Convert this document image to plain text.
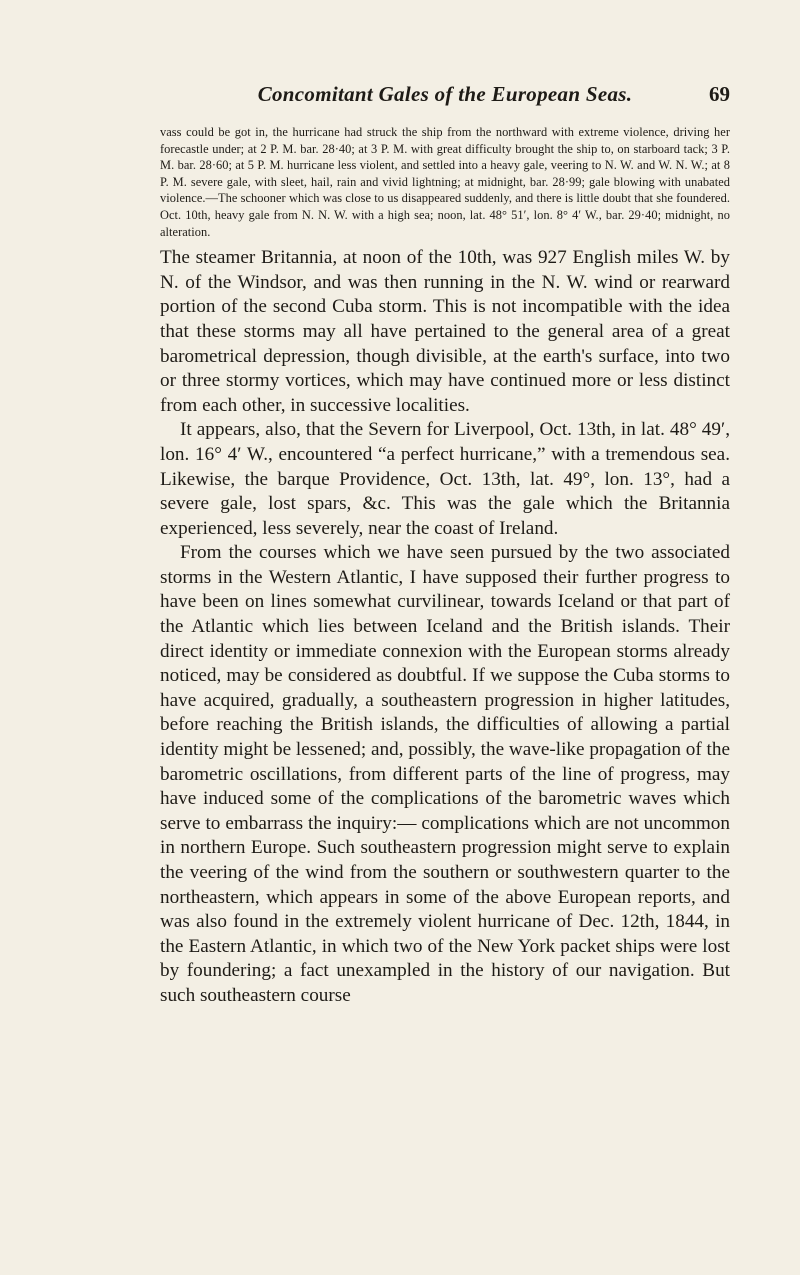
Concomitant Gales of the European Seas.	69

vass could be got in, the hurricane had struck the ship from the northward with extreme violence, driving her forecastle under; at 2 P. M. bar. 28·40; at 3 P. M. with great difficulty brought the ship to, on starboard tack; 3 P. M. bar. 28·60; at 5 P. M. hurricane less violent, and settled into a heavy gale, veering to N. W. and W. N. W.; at 8 P. M. severe gale, with sleet, hail, rain and vivid lightning; at midnight, bar. 28·99; gale blowing with unabated violence.—The schooner which was close to us disappeared suddenly, and there is little doubt that she foundered. Oct. 10th, heavy gale from N. N. W. with a high sea; noon, lat. 48° 51′, lon. 8° 4′ W., bar. 29·40; midnight, no alteration.

The steamer Britannia, at noon of the 10th, was 927 English miles W. by N. of the Windsor, and was then running in the N. W. wind or rearward portion of the second Cuba storm. This is not incompatible with the idea that these storms may all have pertained to the general area of a great barometrical depression, though divisible, at the earth's surface, into two or three stormy vortices, which may have continued more or less distinct from each other, in successive localities.

It appears, also, that the Severn for Liverpool, Oct. 13th, in lat. 48° 49′, lon. 16° 4′ W., encountered “a perfect hurricane,” with a tremendous sea. Likewise, the barque Providence, Oct. 13th, lat. 49°, lon. 13°, had a severe gale, lost spars, &c. This was the gale which the Britannia experienced, less severely, near the coast of Ireland.

From the courses which we have seen pursued by the two associated storms in the Western Atlantic, I have supposed their further progress to have been on lines somewhat curvilinear, towards Iceland or that part of the Atlantic which lies between Iceland and the British islands. Their direct identity or immediate connexion with the European storms already noticed, may be considered as doubtful. If we suppose the Cuba storms to have acquired, gradually, a southeastern progression in higher latitudes, before reaching the British islands, the difficulties of allowing a partial identity might be lessened; and, possibly, the wave-like propagation of the barometric oscillations, from different parts of the line of progress, may have induced some of the complications of the barometric waves which serve to embarrass the inquiry:— complications which are not uncommon in northern Europe. Such southeastern progression might serve to explain the veering of the wind from the southern or southwestern quarter to the northeastern, which appears in some of the above European reports, and was also found in the extremely violent hurricane of Dec. 12th, 1844, in the Eastern Atlantic, in which two of the New York packet ships were lost by foundering; a fact unexampled in the history of our navigation. But such southeastern course
